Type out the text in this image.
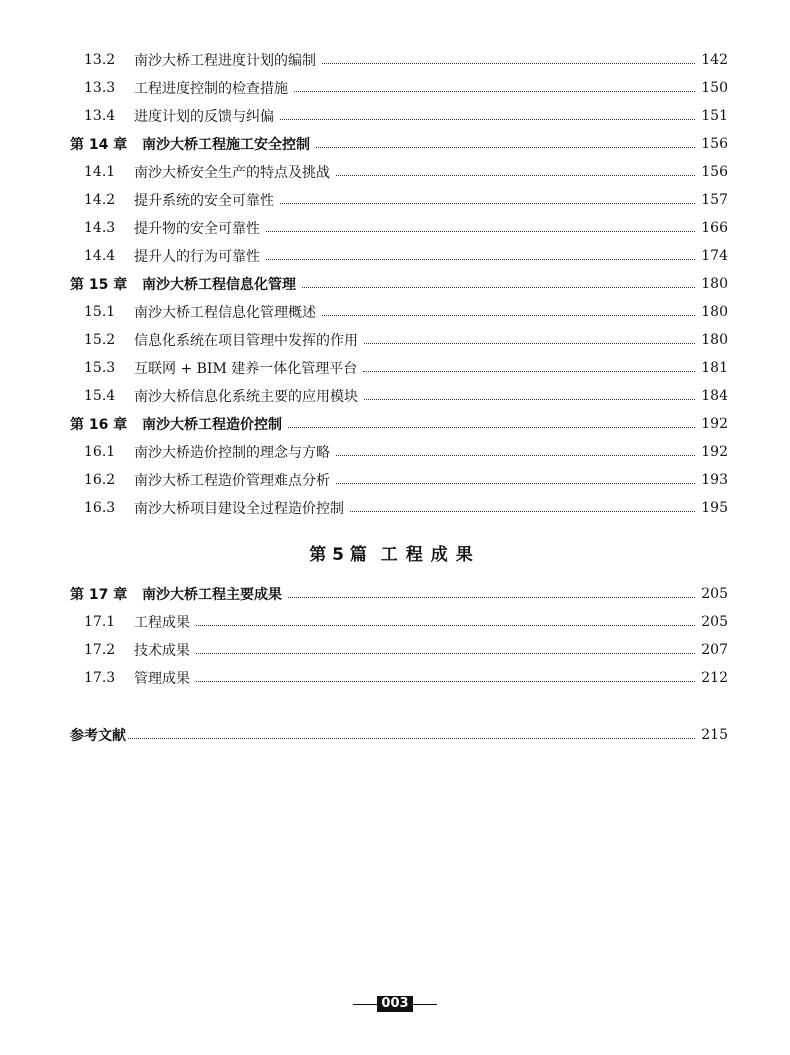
13.2	南沙大桥工程进度计划的编制	142
13.3	工程进度控制的检查措施	150
13.4	进度计划的反馈与纠偏	151
第 14 章	南沙大桥工程施工安全控制	156
14.1	南沙大桥安全生产的特点及挑战	156
14.2	提升系统的安全可靠性	157
14.3	提升物的安全可靠性	166
14.4	提升人的行为可靠性	174
第 15 章	南沙大桥工程信息化管理	180
15.1	南沙大桥工程信息化管理概述	180
15.2	信息化系统在项目管理中发挥的作用	180
15.3	互联网 + BIM 建养一体化管理平台	181
15.4	南沙大桥信息化系统主要的应用模块	184
第 16 章	南沙大桥工程造价控制	192
16.1	南沙大桥造价控制的理念与方略	192
16.2	南沙大桥工程造价管理难点分析	193
16.3	南沙大桥项目建设全过程造价控制	195
第 17 章	南沙大桥工程主要成果	205
17.1	工程成果	205
17.2	技术成果	207
17.3	管理成果	212
参考文献	215
第 5 篇 工程成果
003
